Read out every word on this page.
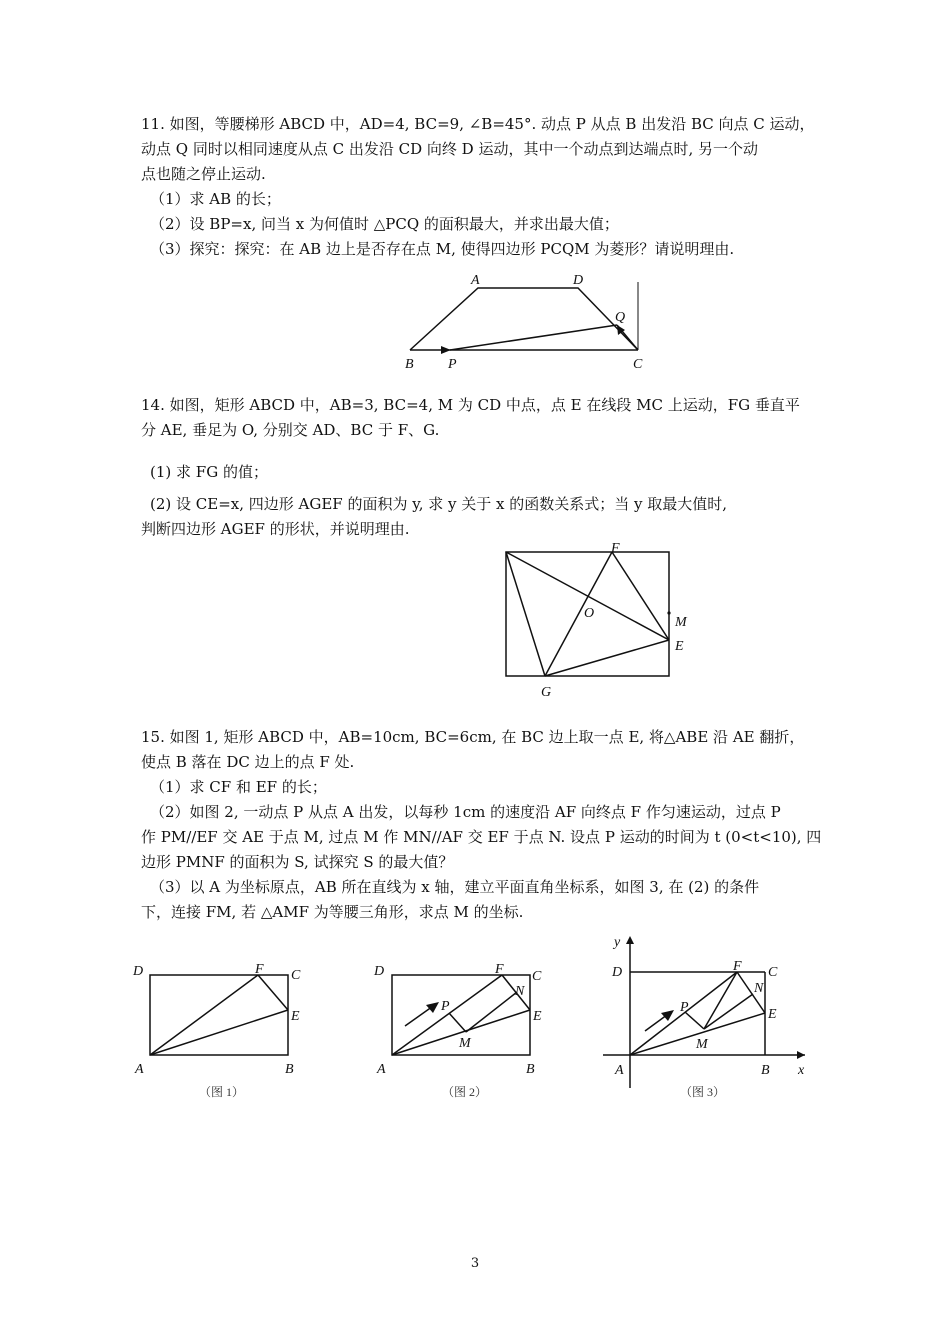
11. 如图，等腰梯形 ABCD 中，AD=4, BC=9, ∠B=45°. 动点 P 从点 B 出发沿 BC 向点 C 运动，
动点 Q 同时以相同速度从点 C 出发沿 CD 向终 D 运动，其中一个动点到达端点时, 另一个动
点也随之停止运动.
（1）求 AB 的长；
（2）设 BP=x, 问当 x 为何值时 △PCQ 的面积最大，并求出最大值；
（3）探究：探究：在 AB 边上是否存在点 M, 使得四边形 PCQM 为菱形？请说明理由.
A	D
Q
B P	C
14. 如图，矩形 ABCD 中，AB=3, BC=4, M 为 CD 中点，点 E 在线段 MC 上运动，FG 垂直平
分 AE, 垂足为 O, 分别交 AD、BC 于 F、G.
(1) 求 FG 的值；
(2) 设 CE=x, 四边形 AGEF 的面积为 y, 求 y 关于 x 的函数关系式；当 y 取最大值时,
判断四边形 AGEF 的形状，并说明理由.
F
O
M
E
G
15. 如图 1, 矩形 ABCD 中，AB=10cm, BC=6cm, 在 BC 边上取一点 E, 将△ABE 沿 AE 翻折，
使点 B 落在 DC 边上的点 F 处.
（1）求 CF 和 EF 的长；
（2）如图 2, 一动点 P 从点 A 出发，以每秒 1cm 的速度沿 AF 向终点 F 作匀速运动，过点 P
作 PM//EF 交 AE 于点 M, 过点 M 作 MN//AF 交 EF 于点 N. 设点 P 运动的时间为 t (0<t<10), 四
边形 PMNF 的面积为 S, 试探究 S 的最大值？
（3）以 A 为坐标原点，AB 所在直线为 x 轴，建立平面直角坐标系，如图 3, 在 (2) 的条件
下，连接 FM, 若 △AMF 为等腰三角形，求点 M 的坐标.
D	F C
E
A	B
（图 1）
D	F C
N
P
E
M
A	B
（图 2）
y
D	F C
N
P	E
M
A	B x
（图 3）
3
